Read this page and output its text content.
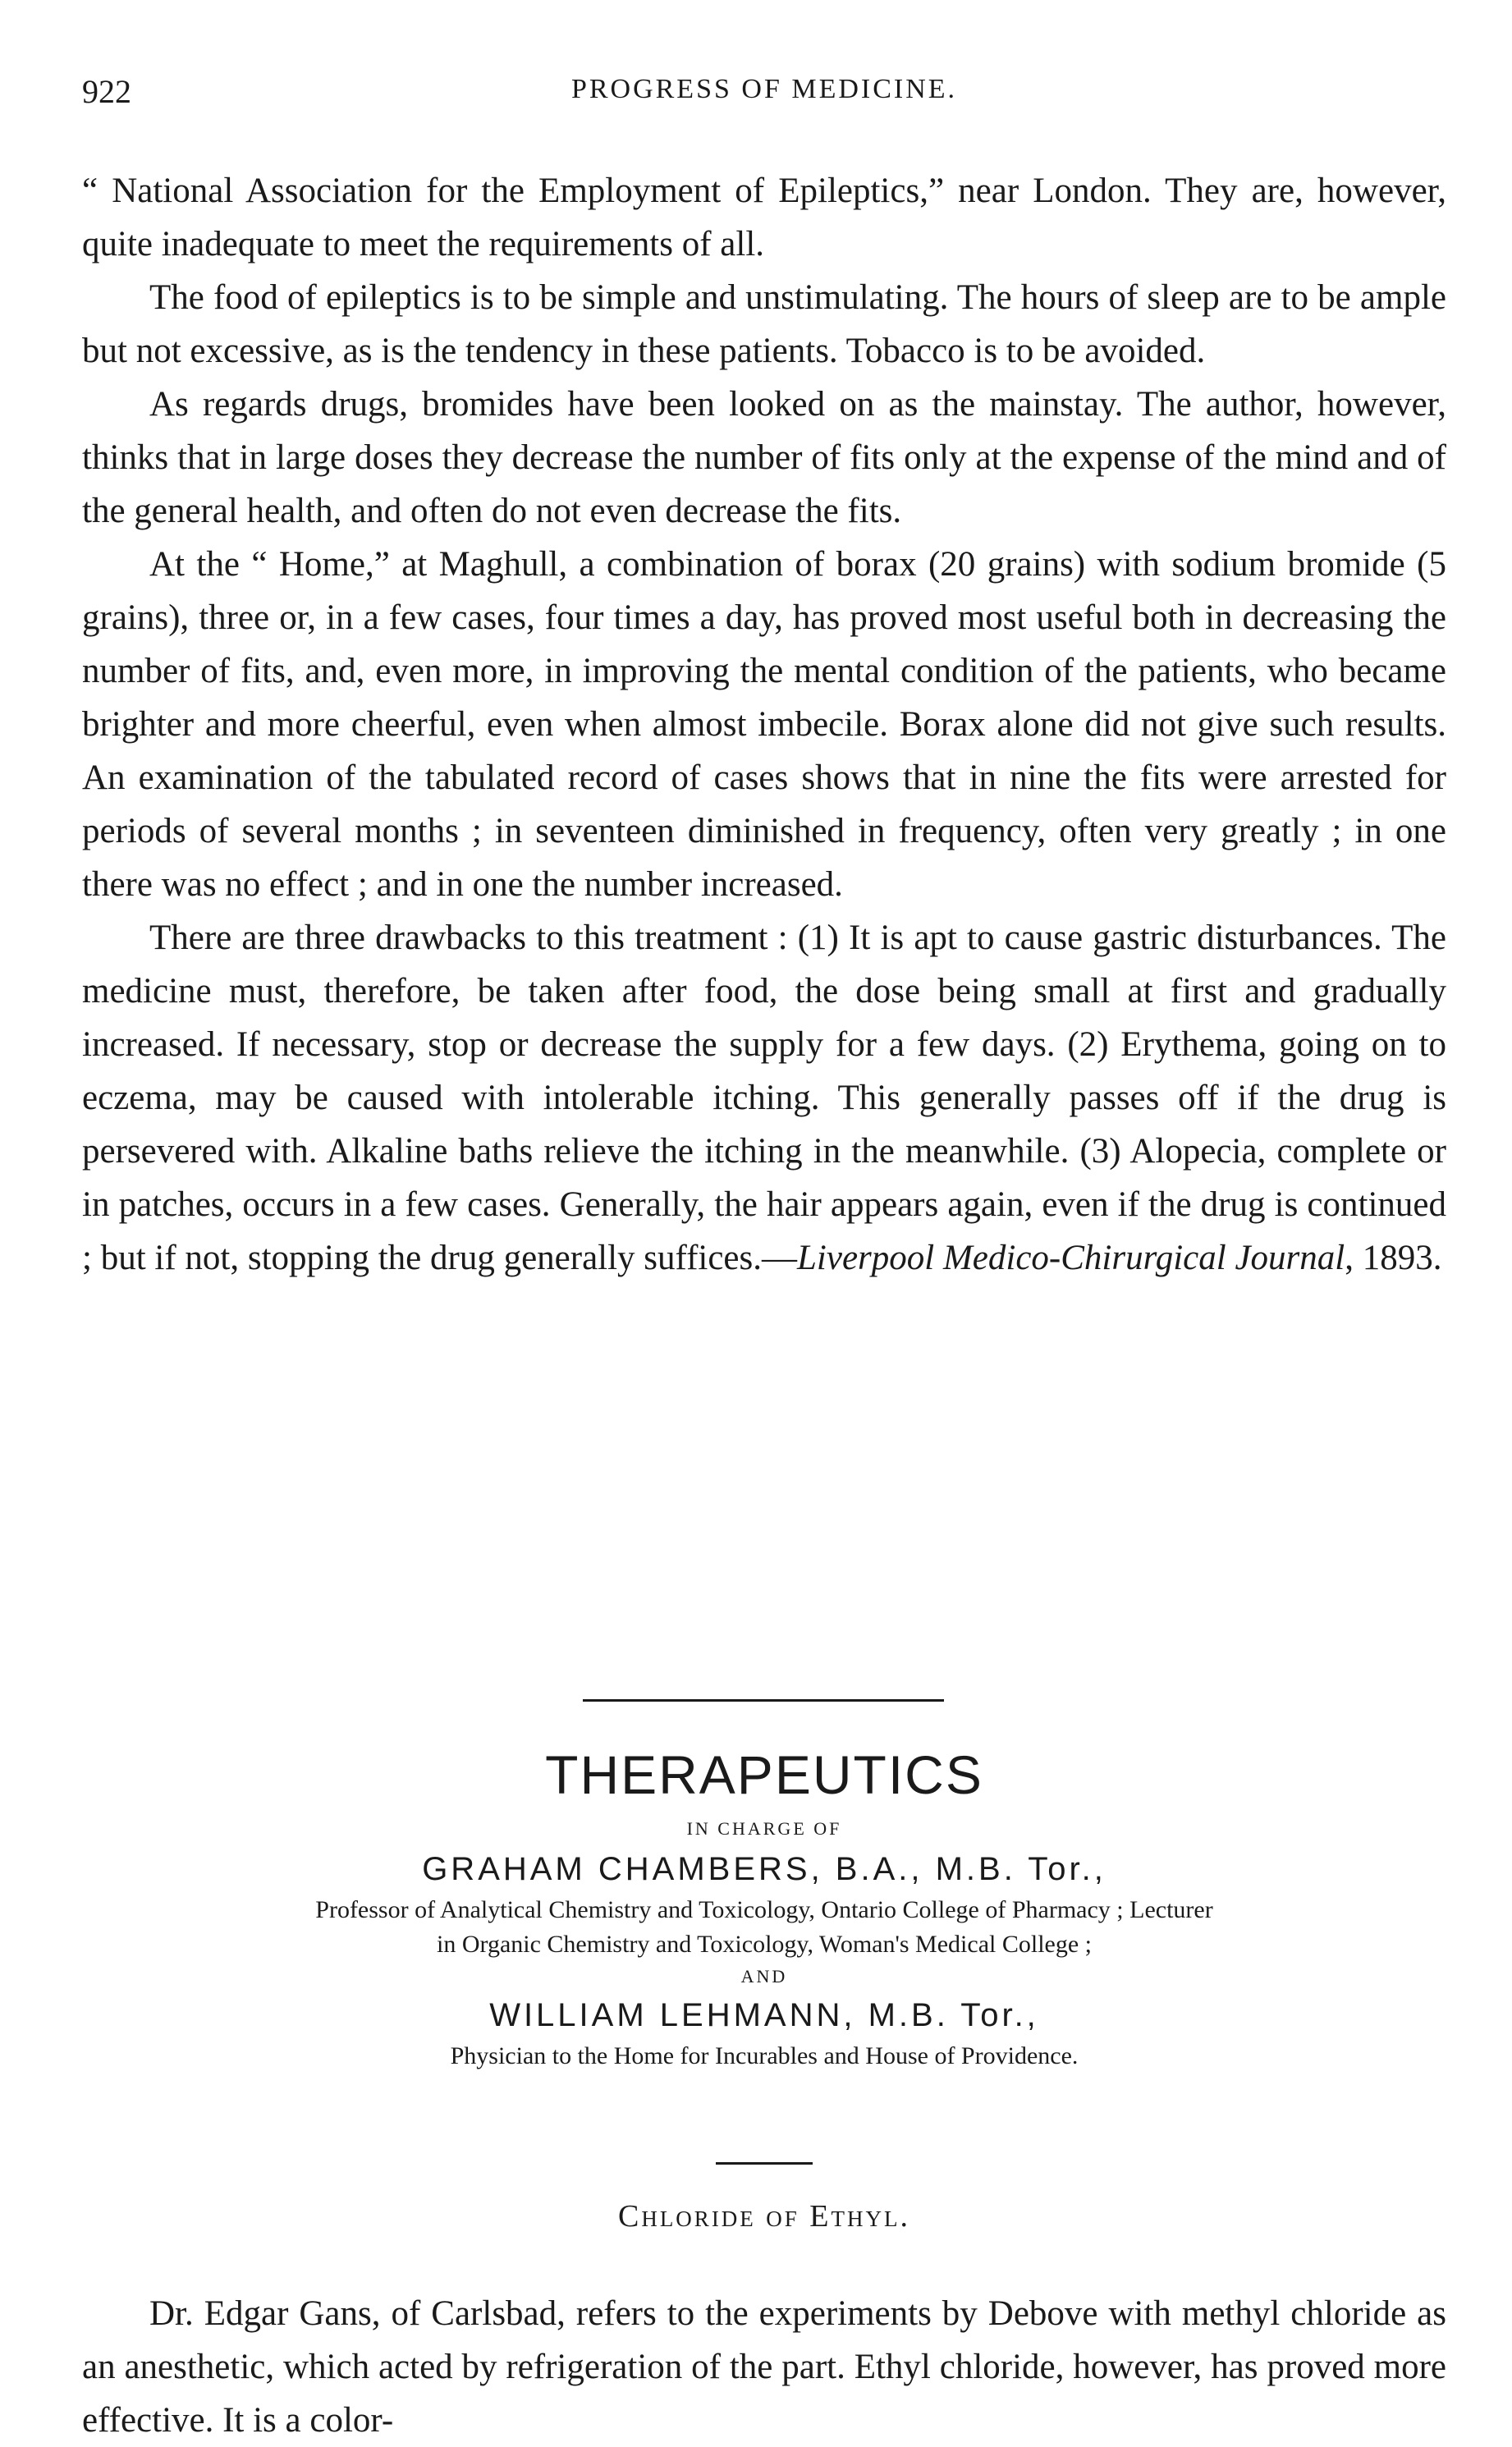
922	PROGRESS OF MEDICINE.

“ National Association for the Employment of Epileptics,” near London. They are, however, quite inadequate to meet the requirements of all.

The food of epileptics is to be simple and unstimulating. The hours of sleep are to be ample but not excessive, as is the tendency in these patients. Tobacco is to be avoided.

As regards drugs, bromides have been looked on as the mainstay. The author, however, thinks that in large doses they decrease the number of fits only at the expense of the mind and of the general health, and often do not even decrease the fits.

At the “ Home,” at Maghull, a combination of borax (20 grains) with sodium bromide (5 grains), three or, in a few cases, four times a day, has proved most useful both in decreasing the number of fits, and, even more, in improving the mental condition of the patients, who became brighter and more cheerful, even when almost imbecile. Borax alone did not give such results. An examination of the tabulated record of cases shows that in nine the fits were arrested for periods of several months ; in seventeen diminished in frequency, often very greatly ; in one there was no effect ; and in one the number increased.

There are three drawbacks to this treatment : (1) It is apt to cause gastric disturbances. The medicine must, therefore, be taken after food, the dose being small at first and gradually increased. If necessary, stop or decrease the supply for a few days. (2) Erythema, going on to eczema, may be caused with intolerable itching. This generally passes off if the drug is persevered with. Alkaline baths relieve the itching in the meanwhile. (3) Alopecia, complete or in patches, occurs in a few cases. Generally, the hair appears again, even if the drug is continued ; but if not, stopping the drug generally suffices.—Liverpool Medico-Chirurgical Journal, 1893.

THERAPEUTICS
IN CHARGE OF
GRAHAM CHAMBERS, B.A., M.B. Tor.,
Professor of Analytical Chemistry and Toxicology, Ontario College of Pharmacy ; Lecturer
in Organic Chemistry and Toxicology, Woman's Medical College ;
AND
WILLIAM LEHMANN, M.B. Tor.,
Physician to the Home for Incurables and House of Providence.
Chloride of Ethyl.

Dr. Edgar Gans, of Carlsbad, refers to the experiments by Debove with methyl chloride as an anesthetic, which acted by refrigeration of the part. Ethyl chloride, however, has proved more effective. It is a color-
